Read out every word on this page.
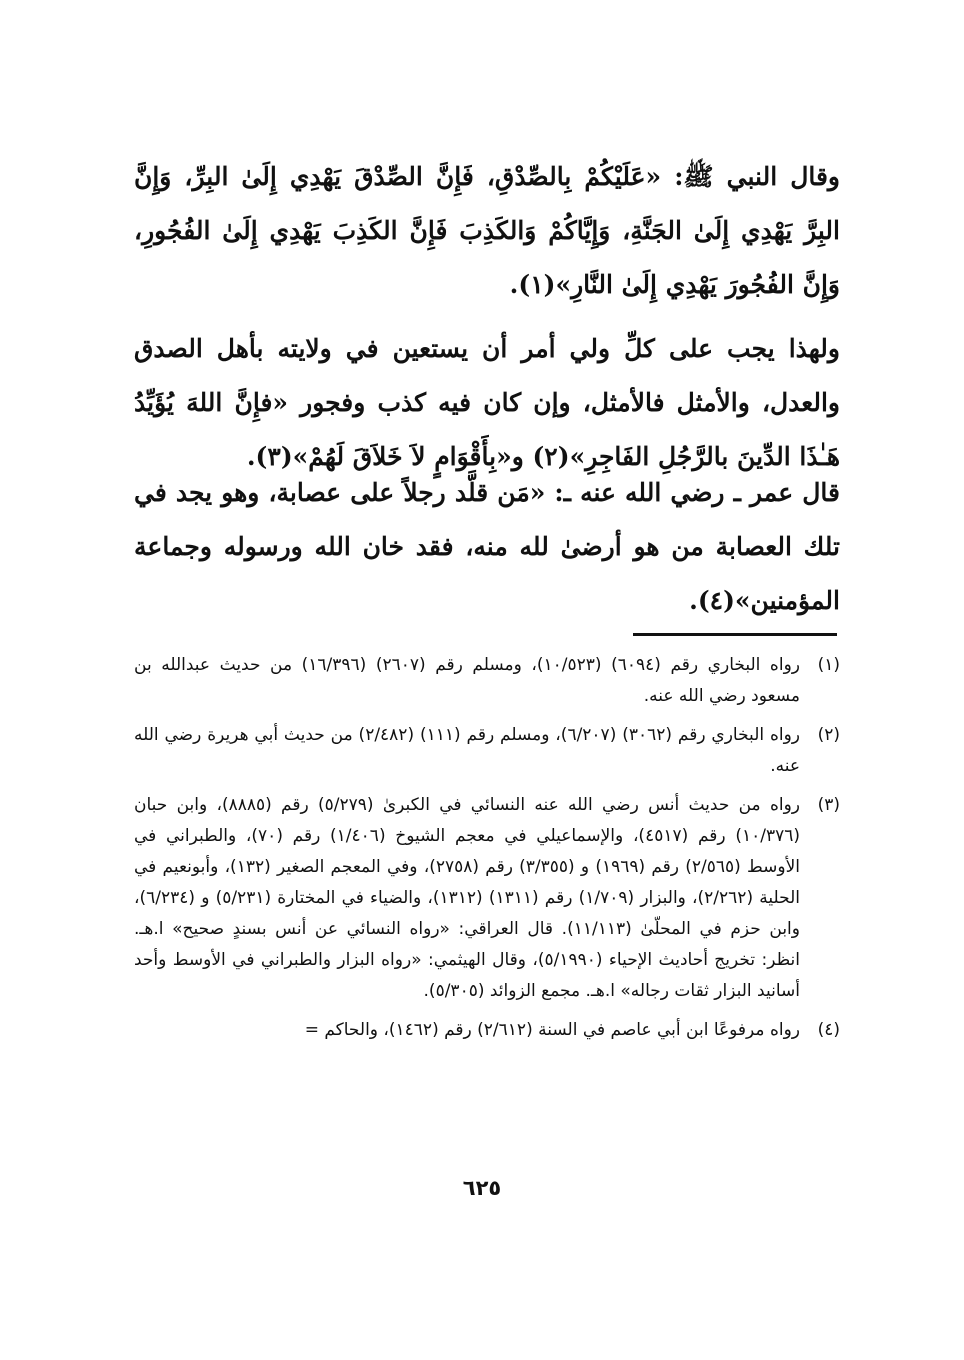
وقال النبي ﷺ: «عَلَيْكُمْ بِالصِّدْقِ، فَإِنَّ الصِّدْقَ يَهْدِي إِلَىٰ البِرِّ، وَإِنَّ البِرَّ يَهْدِي إِلَىٰ الجَنَّةِ، وَإِيَّاكُمْ وَالكَذِبَ فَإِنَّ الكَذِبَ يَهْدِي إِلَىٰ الفُجُورِ، وَإِنَّ الفُجُورَ يَهْدِي إِلَىٰ النَّارِ»(١).

ولهذا يجب على كلِّ ولي أمر أن يستعين في ولايته بأهل الصدق والعدل، والأمثل فالأمثل، وإن كان فيه كذب وفجور «فإِنَّ اللهَ يُؤَيِّدُ هَـٰذَا الدِّينَ بالرَّجُلِ الفَاجِرِ»(٢) و«بِأَقْوَامٍ لاَ خَلاَقَ لَهُمْ»(٣).

قال عمر ـ رضي الله عنه ـ: «مَن قلَّد رجلاً على عصابة، وهو يجد في تلك العصابة من هو أرضىٰ لله منه، فقد خان الله ورسوله وجماعة المؤمنين»(٤).

(١)
رواه البخاري رقم (٦٠٩٤) (١٠/٥٢٣)، ومسلم رقم (٢٦٠٧) (١٦/٣٩٦) من حديث عبدالله بن مسعود رضي الله عنه.
(٢)
رواه البخاري رقم (٣٠٦٢) (٦/٢٠٧)، ومسلم رقم (١١١) (٢/٤٨٢) من حديث أبي هريرة رضي الله عنه.
(٣)
رواه من حديث أنس رضي الله عنه النسائي في الكبرىٰ (٥/٢٧٩) رقم (٨٨٨٥)، وابن حبان (١٠/٣٧٦) رقم (٤٥١٧)، والإسماعيلي في معجم الشيوخ (١/٤٠٦) رقم (٧٠)، والطبراني في الأوسط (٢/٥٦٥) رقم (١٩٦٩) و (٣/٣٥٥) رقم (٢٧٥٨)، وفي المعجم الصغير (١٣٢)، وأبونعيم في الحلية (٢/٢٦٢)، والبزار (١/٧٠٩) رقم (١٣١١) (١٣١٢)، والضياء في المختارة (٥/٢٣١) و (٦/٢٣٤)، وابن حزم في المحلّىٰ (١١/١١٣). قال العراقي: «رواه النسائي عن أنس بسندٍ صحيح» ا.هـ. انظر: تخريج أحاديث الإحياء (٥/١٩٩٠)، وقال الهيثمي: «رواه البزار والطبراني في الأوسط وأحد أسانيد البزار ثقات رجاله» ا.هـ. مجمع الزوائد (٥/٣٠٥).
(٤)
رواه مرفوعًا ابن أبي عاصم في السنة (٢/٦١٢) رقم (١٤٦٢)، والحاكم =
٦٢٥
